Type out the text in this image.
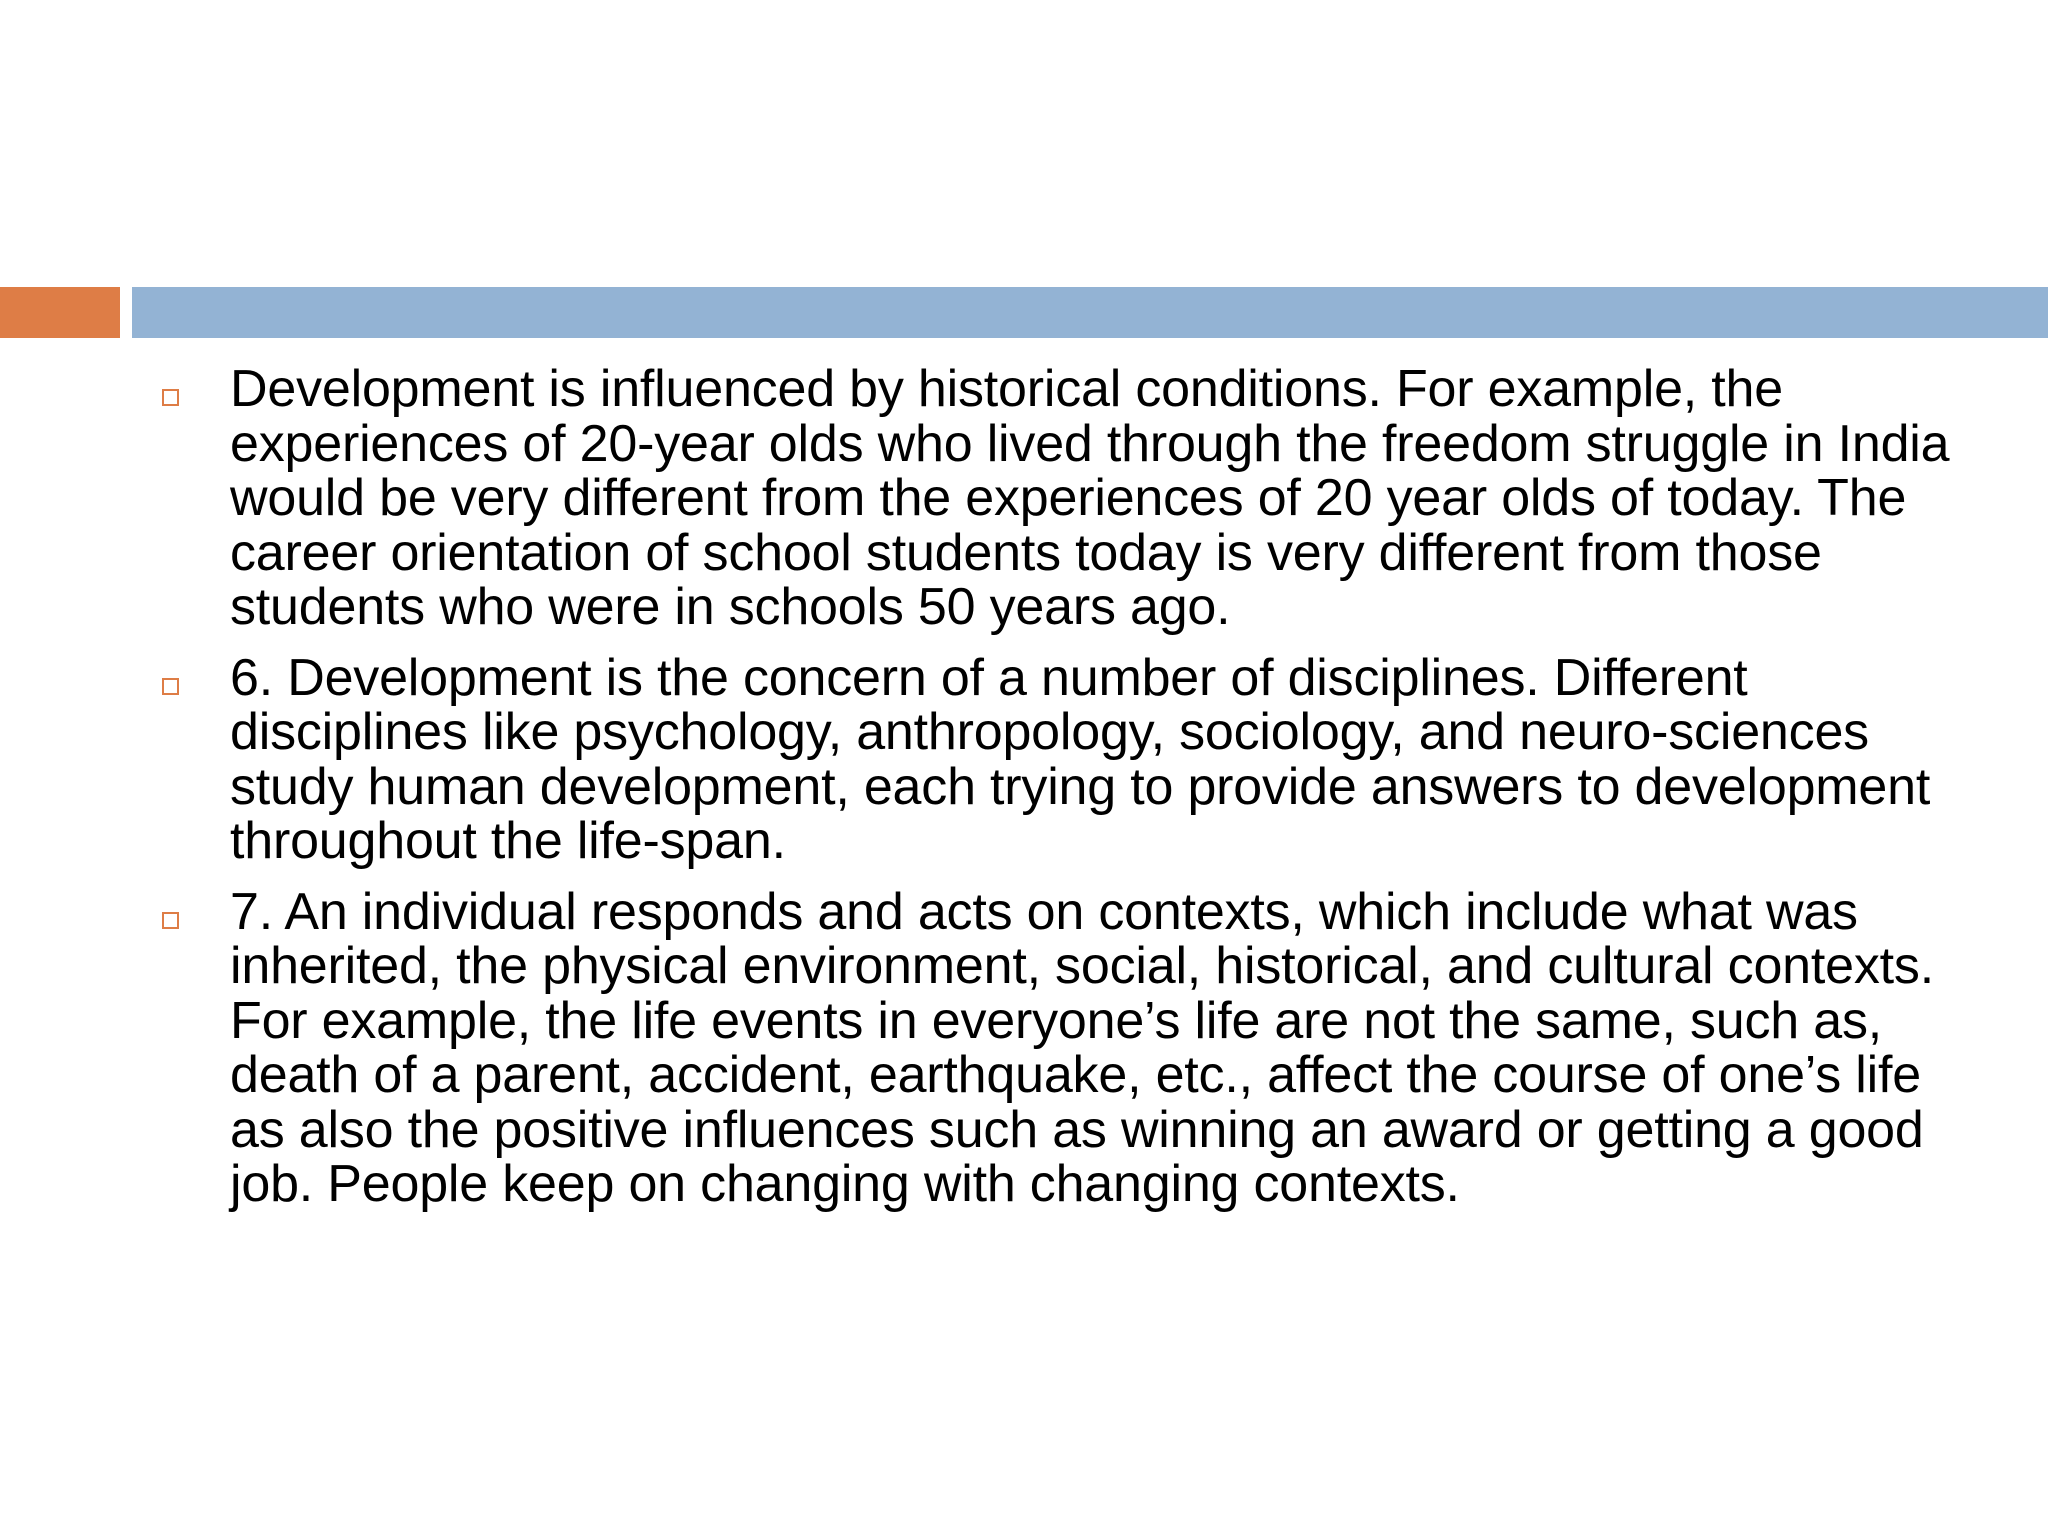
Development is influenced by historical conditions. For example, the experiences of 20-year olds who lived through the freedom struggle in India would be very different from the experiences of 20 year olds of today. The career orientation of school students today is very different from those students who were in schools 50 years ago.
6. Development is the concern of a number of disciplines. Different disciplines like psychology, anthropology, sociology, and neuro-sciences study human development, each trying to provide answers to development throughout the life-span.
7. An individual responds and acts on contexts, which include what was inherited, the physical environment, social, historical, and cultural contexts. For example, the life events in everyone’s life are not the same, such as, death of a parent, accident, earthquake, etc., affect the course of one’s life as also the positive influences such as winning an award or getting a good job. People keep on changing with changing contexts.
